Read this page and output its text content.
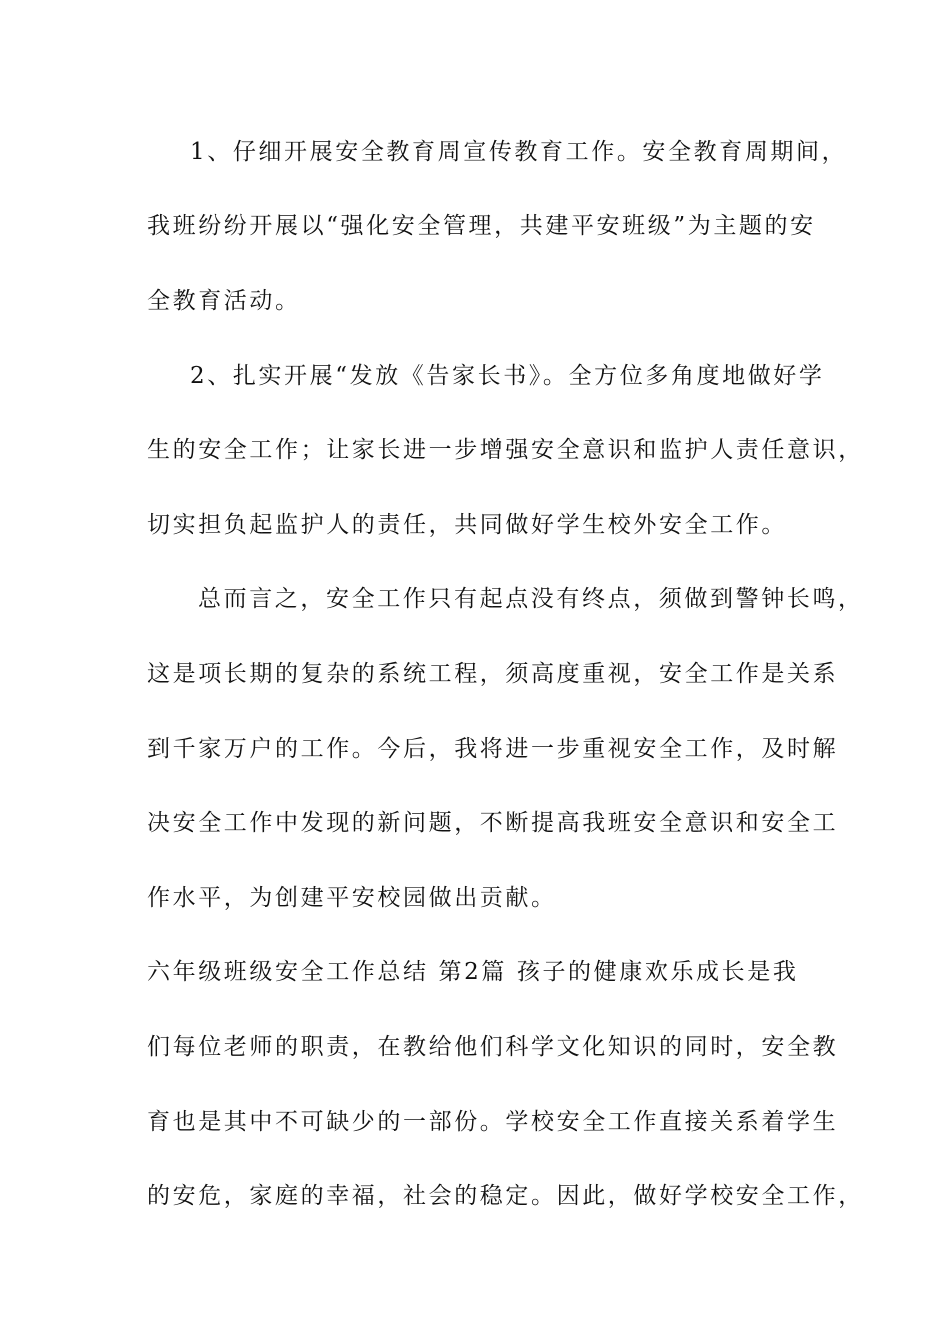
1、仔细开展安全教育周宣传教育工作。安全教育周期间，
我班纷纷开展以“强化安全管理，共建平安班级”为主题的安
全教育活动。
2、扎实开展“发放《告家长书》。全方位多角度地做好学
生的安全工作；让家长进一步增强安全意识和监护人责任意识，
切实担负起监护人的责任，共同做好学生校外安全工作。
总而言之，安全工作只有起点没有终点，须做到警钟长鸣，
这是项长期的复杂的系统工程，须高度重视，安全工作是关系
到千家万户的工作。今后，我将进一步重视安全工作，及时解
决安全工作中发现的新问题，不断提高我班安全意识和安全工
作水平，为创建平安校园做出贡献。
六年级班级安全工作总结 第2篇 孩子的健康欢乐成长是我
们每位老师的职责，在教给他们科学文化知识的同时，安全教
育也是其中不可缺少的一部份。学校安全工作直接关系着学生
的安危，家庭的幸福，社会的稳定。因此，做好学校安全工作，
